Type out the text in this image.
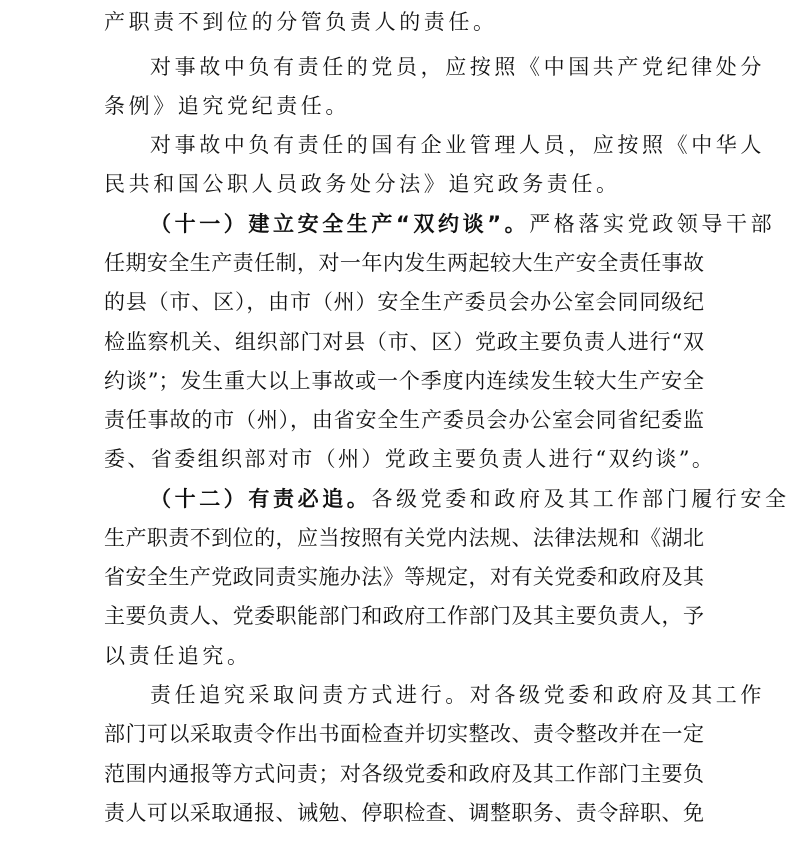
产职责不到位的分管负责人的责任。
对事故中负有责任的党员，应按照《中国共产党纪律处分
条例》追究党纪责任。
对事故中负有责任的国有企业管理人员，应按照《中华人
民共和国公职人员政务处分法》追究政务责任。
（十一）建立安全生产“双约谈”。严格落实党政领导干部
任期安全生产责任制，对一年内发生两起较大生产安全责任事故
的县（市、区），由市（州）安全生产委员会办公室会同同级纪
检监察机关、组织部门对县（市、区）党政主要负责人进行“双
约谈”；发生重大以上事故或一个季度内连续发生较大生产安全
责任事故的市（州），由省安全生产委员会办公室会同省纪委监
委、省委组织部对市（州）党政主要负责人进行“双约谈”。
（十二）有责必追。各级党委和政府及其工作部门履行安全
生产职责不到位的，应当按照有关党内法规、法律法规和《湖北
省安全生产党政同责实施办法》等规定，对有关党委和政府及其
主要负责人、党委职能部门和政府工作部门及其主要负责人，予
以责任追究。
责任追究采取问责方式进行。对各级党委和政府及其工作
部门可以采取责令作出书面检查并切实整改、责令整改并在一定
范围内通报等方式问责；对各级党委和政府及其工作部门主要负
责人可以采取通报、诫勉、停职检查、调整职务、责令辞职、免
